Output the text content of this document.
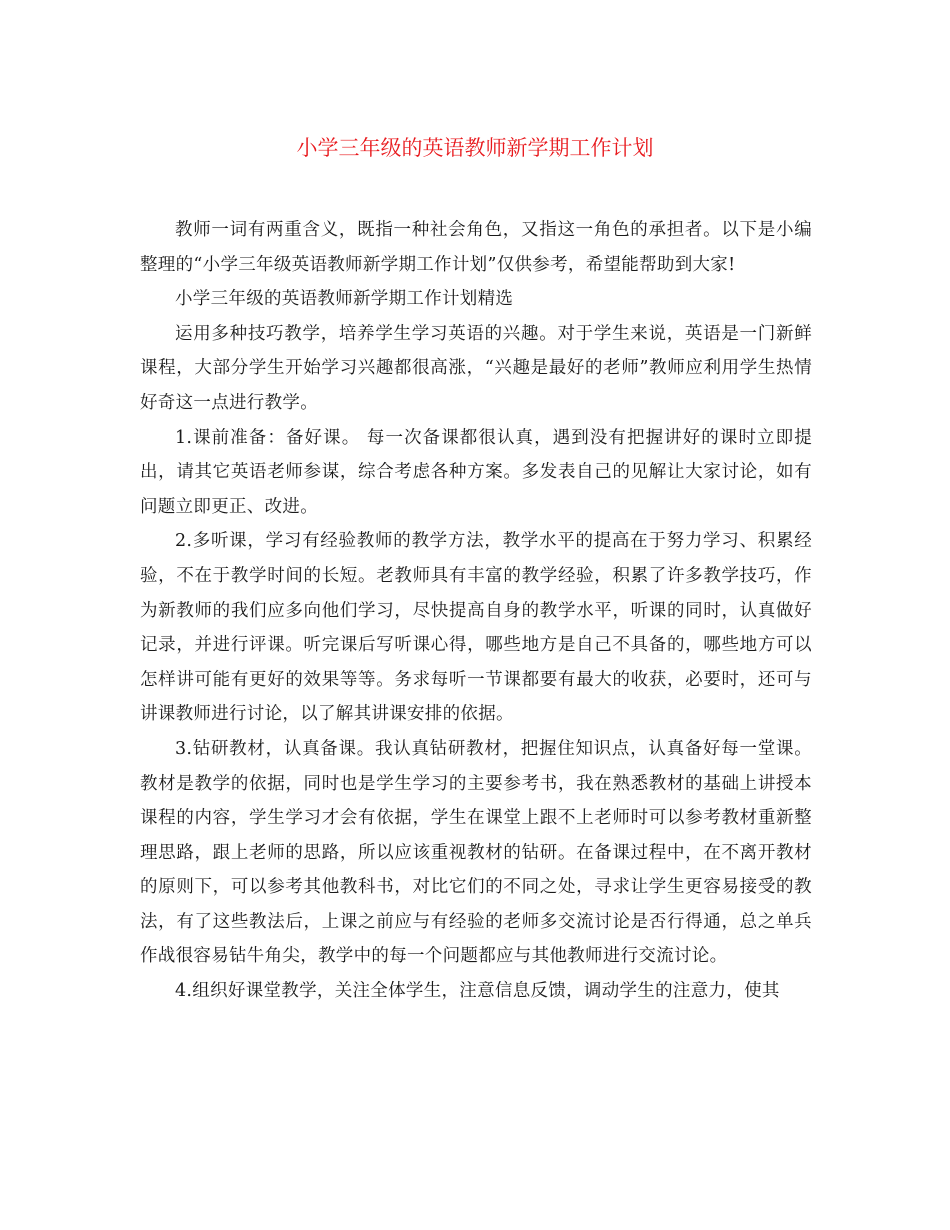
小学三年级的英语教师新学期工作计划

教师一词有两重含义，既指一种社会角色，又指这一角色的承担者。以下是小编整理的“小学三年级英语教师新学期工作计划”仅供参考，希望能帮助到大家!

小学三年级的英语教师新学期工作计划精选

运用多种技巧教学，培养学生学习英语的兴趣。对于学生来说，英语是一门新鲜课程，大部分学生开始学习兴趣都很高涨，“兴趣是最好的老师”教师应利用学生热情好奇这一点进行教学。

1.课前准备：备好课。 每一次备课都很认真，遇到没有把握讲好的课时立即提出，请其它英语老师参谋，综合考虑各种方案。多发表自己的见解让大家讨论，如有问题立即更正、改进。

2.多听课，学习有经验教师的教学方法，教学水平的提高在于努力学习、积累经验，不在于教学时间的长短。老教师具有丰富的教学经验，积累了许多教学技巧，作为新教师的我们应多向他们学习，尽快提高自身的教学水平，听课的同时，认真做好记录，并进行评课。听完课后写听课心得，哪些地方是自己不具备的，哪些地方可以怎样讲可能有更好的效果等等。务求每听一节课都要有最大的收获，必要时，还可与讲课教师进行讨论，以了解其讲课安排的依据。

3.钻研教材，认真备课。我认真钻研教材，把握住知识点，认真备好每一堂课。教材是教学的依据，同时也是学生学习的主要参考书，我在熟悉教材的基础上讲授本课程的内容，学生学习才会有依据，学生在课堂上跟不上老师时可以参考教材重新整理思路，跟上老师的思路，所以应该重视教材的钻研。在备课过程中，在不离开教材的原则下，可以参考其他教科书，对比它们的不同之处，寻求让学生更容易接受的教法，有了这些教法后，上课之前应与有经验的老师多交流讨论是否行得通，总之单兵作战很容易钻牛角尖，教学中的每一个问题都应与其他教师进行交流讨论。

4.组织好课堂教学，关注全体学生，注意信息反馈，调动学生的注意力，使其
